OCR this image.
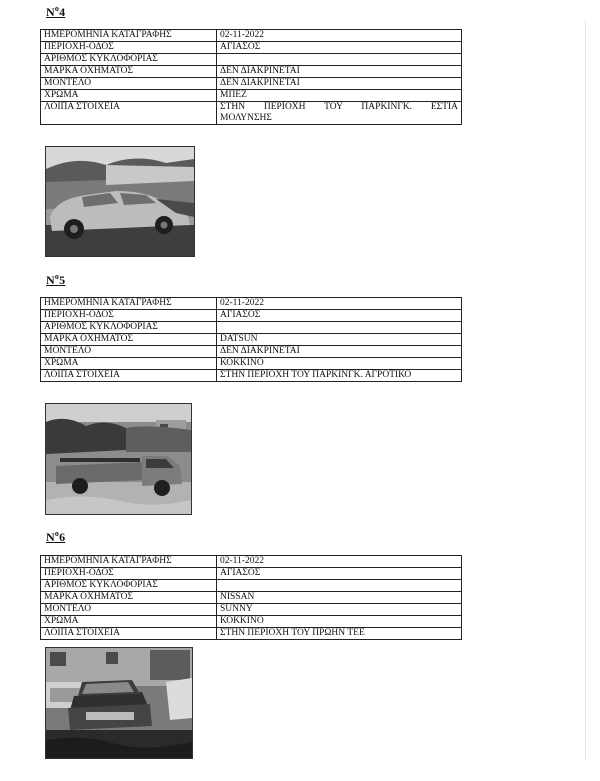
$N^o4$
ΗΜΕΡΟΜΗΝΙΑ ΚΑΤΑΓΡΑΦΗΣ	02-11-2022
ΠΕΡΙΟΧΗ-ΟΔΟΣ	ΑΓΙΑΣΟΣ
ΑΡΙΘΜΟΣ ΚΥΚΛΟΦΟΡΙΑΣ	
ΜΑΡΚΑ ΟΧΗΜΑΤΟΣ	ΔΕΝ ΔΙΑΚΡΙΝΕΤΑΙ
ΜΟΝΤΕΛΟ	ΔΕΝ ΔΙΑΚΡΙΝΕΤΑΙ
ΧΡΩΜΑ	ΜΠΕΖ
ΛΟΙΠΑ ΣΤΟΙΧΕΙΑ	ΣΤΗΝ ΠΕΡΙΟΧΗ ΤΟΥ ΠΑΡΚΙΝΓΚ. ΕΣΤΙΑ
ΜΟΛΥΝΣΗΣ
$N^o5$
ΗΜΕΡΟΜΗΝΙΑ ΚΑΤΑΓΡΑΦΗΣ	02-11-2022
ΠΕΡΙΟΧΗ-ΟΔΟΣ	ΑΓΙΑΣΟΣ
ΑΡΙΘΜΟΣ ΚΥΚΛΟΦΟΡΙΑΣ	
ΜΑΡΚΑ ΟΧΗΜΑΤΟΣ	DATSUN
ΜΟΝΤΕΛΟ	ΔΕΝ ΔΙΑΚΡΙΝΕΤΑΙ
ΧΡΩΜΑ	ΚΟΚΚΙΝΟ
ΛΟΙΠΑ ΣΤΟΙΧΕΙΑ	ΣΤΗΝ ΠΕΡΙΟΧΗ ΤΟΥ ΠΑΡΚΙΝΓΚ. ΑΓΡΟΤΙΚΟ
$N^o6$
ΗΜΕΡΟΜΗΝΙΑ ΚΑΤΑΓΡΑΦΗΣ	02-11-2022
ΠΕΡΙΟΧΗ-ΟΔΟΣ	ΑΓΙΑΣΟΣ
ΑΡΙΘΜΟΣ ΚΥΚΛΟΦΟΡΙΑΣ	
ΜΑΡΚΑ ΟΧΗΜΑΤΟΣ	NISSAN
ΜΟΝΤΕΛΟ	SUNNY
ΧΡΩΜΑ	ΚΟΚΚΙΝΟ
ΛΟΙΠΑ ΣΤΟΙΧΕΙΑ	ΣΤΗΝ ΠΕΡΙΟΧΗ ΤΟΥ ΠΡΩΗΝ ΤΕΕ
